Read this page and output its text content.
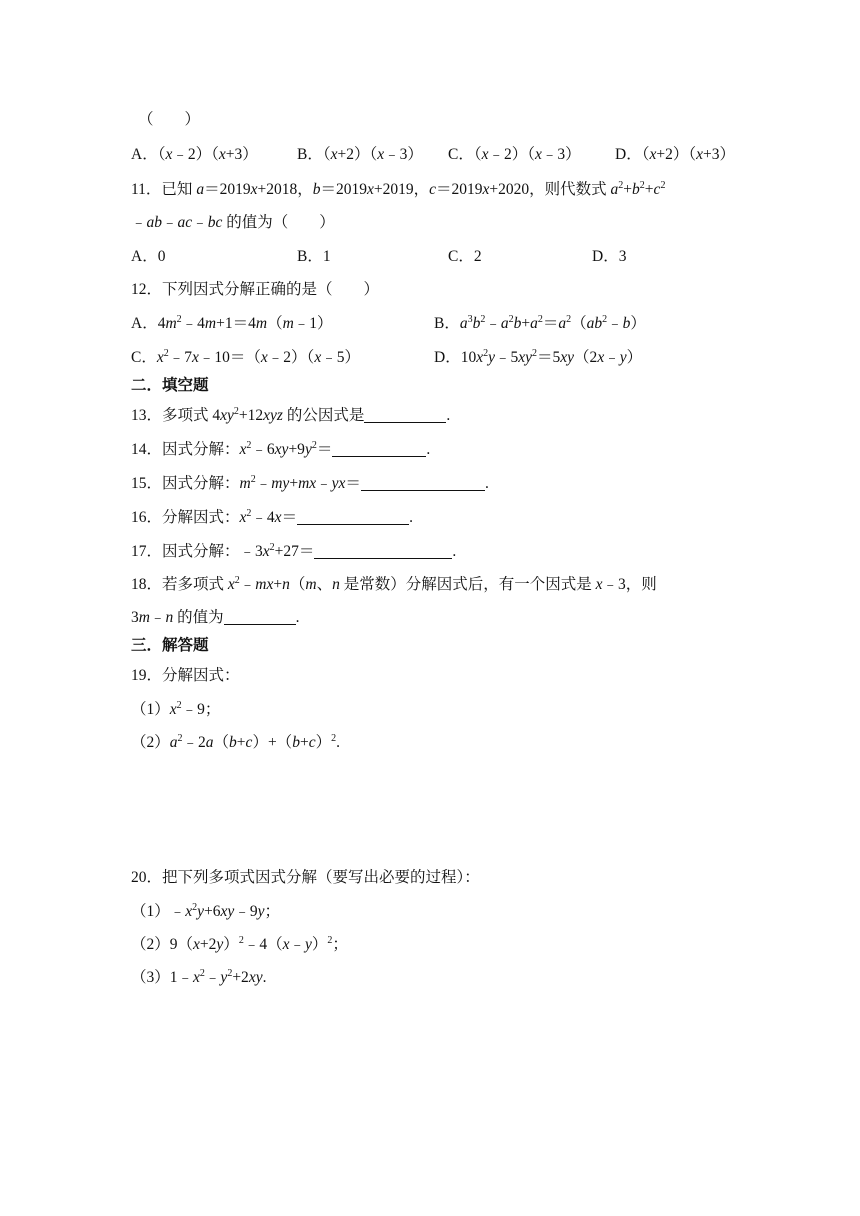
（　　）
A．（x﹣2）（x+3）	B．（x+2）（x﹣3） C．（x﹣2）（x﹣3） D．（x+2）（x+3）
11．已知 a＝2019x+2018，b＝2019x+2019，c＝2019x+2020，则代数式 $a^2+b^2+c^2$
﹣ab﹣ac﹣bc 的值为（　　）
A．0	B．1	C．2	D．3
12．下列因式分解正确的是（　　）
A．$4m^2﹣4m+1=4m(m﹣1)$	B．$a^3b^2﹣a^2b+a^2=a^2(ab^2﹣b)$
C．$x^2﹣7x﹣10=(x﹣2)(x﹣5)$	D．$10x^2y﹣5xy^2=5xy(2x﹣y)$
二．填空题
13．多项式 $4xy^2+12xyz$ 的公因式是	.
14．因式分解：$x^2﹣6xy+9y^2=$	.
15．因式分解：$m^2﹣my+mx﹣yx=$	.
16．分解因式：$x^2﹣4x=$	.
17．因式分解：$﹣3x^2+27=$	.
18．若多项式 $x^2﹣mx+n(m$、n 是常数）分解因式后，有一个因式是 x﹣3，则
3m﹣n 的值为	.
三．解答题
19．分解因式：
$(1)x^2﹣9$；
$(2)a^2﹣2a(b+c)+(b+c)^2$.
20．把下列多项式因式分解（要写出必要的过程）：
$(1)﹣x^2y+6xy﹣9y$；
$(2)9(x+2y)^2﹣4(x﹣y)^2$；
$(3)1﹣x^2﹣y^2+2xy$.
